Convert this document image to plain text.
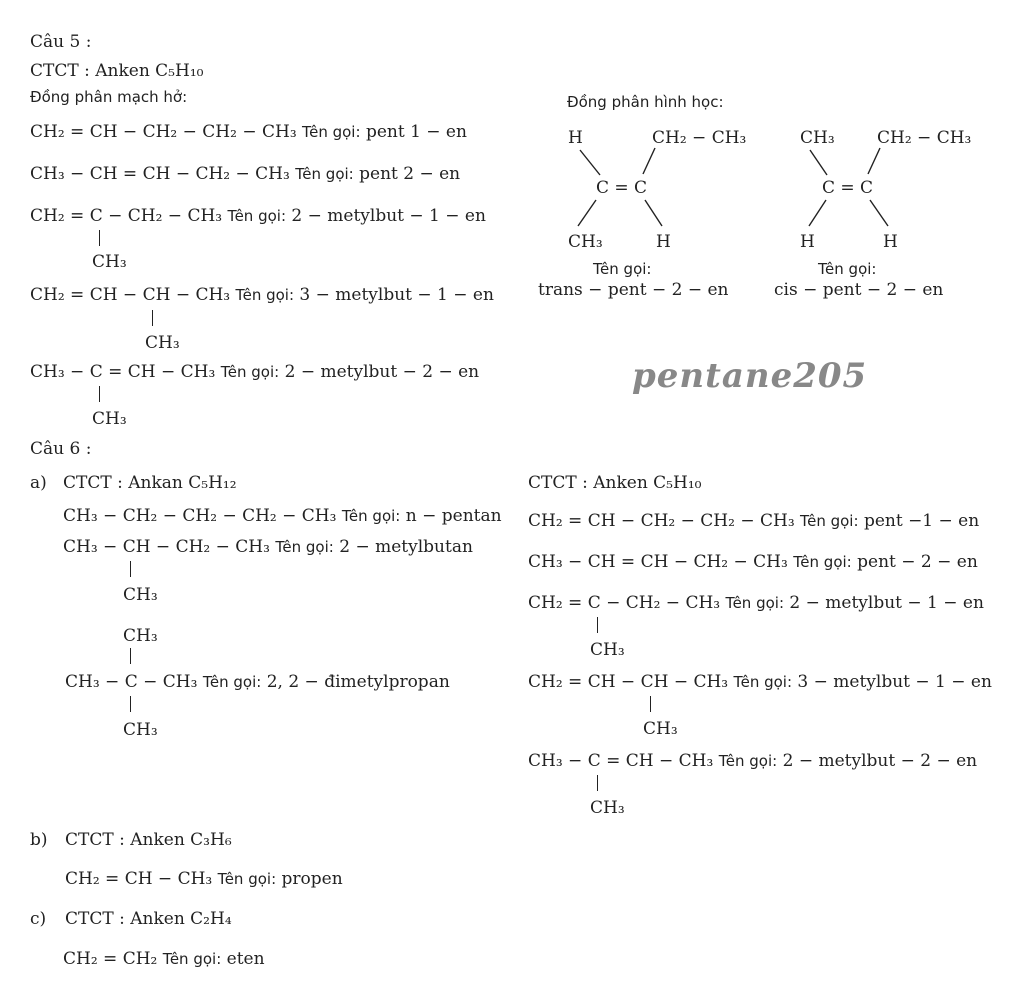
Câu 5 :
CTCT : Anken C₅H₁₀
Đồng phân mạch hở:
CH₂ = CH − CH₂ − CH₂ − CH₃ Tên gọi: pent 1 − en
CH₃ − CH = CH − CH₂ − CH₃ Tên gọi: pent 2 − en
CH₂ = C − CH₂ − CH₃ Tên gọi: 2 − metylbut − 1 − en
CH₃
CH₂ = CH − CH − CH₃ Tên gọi: 3 − metylbut − 1 − en
CH₃
CH₃ − C = CH − CH₃ Tên gọi: 2 − metylbut − 2 − en
CH₃
Đồng phân hình học:
H	CH₂ − CH₃
C = C
CH₃	H
Tên gọi:
trans − pent − 2 − en
CH₃ CH₂ − CH₃
C = C
H	H
Tên gọi:
cis − pent − 2 − en
pentane205
Câu 6 :
a) CTCT : Ankan C₅H₁₂
CH₃ − CH₂ − CH₂ − CH₂ − CH₃ Tên gọi: n − pentan
CH₃ − CH − CH₂ − CH₃ Tên gọi: 2 − metylbutan
CH₃
CH₃
CH₃ − C − CH₃ Tên gọi: 2, 2 − đimetylpropan
CH₃
CTCT : Anken C₅H₁₀
CH₂ = CH − CH₂ − CH₂ − CH₃ Tên gọi: pent −1 − en
CH₃ − CH = CH − CH₂ − CH₃ Tên gọi: pent − 2 − en
CH₂ = C − CH₂ − CH₃ Tên gọi: 2 − metylbut − 1 − en
CH₃
CH₂ = CH − CH − CH₃ Tên gọi: 3 − metylbut − 1 − en
CH₃
CH₃ − C = CH − CH₃ Tên gọi: 2 − metylbut − 2 − en
CH₃
b) CTCT : Anken C₃H₆
CH₂ = CH − CH₃ Tên gọi: propen
c) CTCT : Anken C₂H₄
CH₂ = CH₂ Tên gọi: eten
